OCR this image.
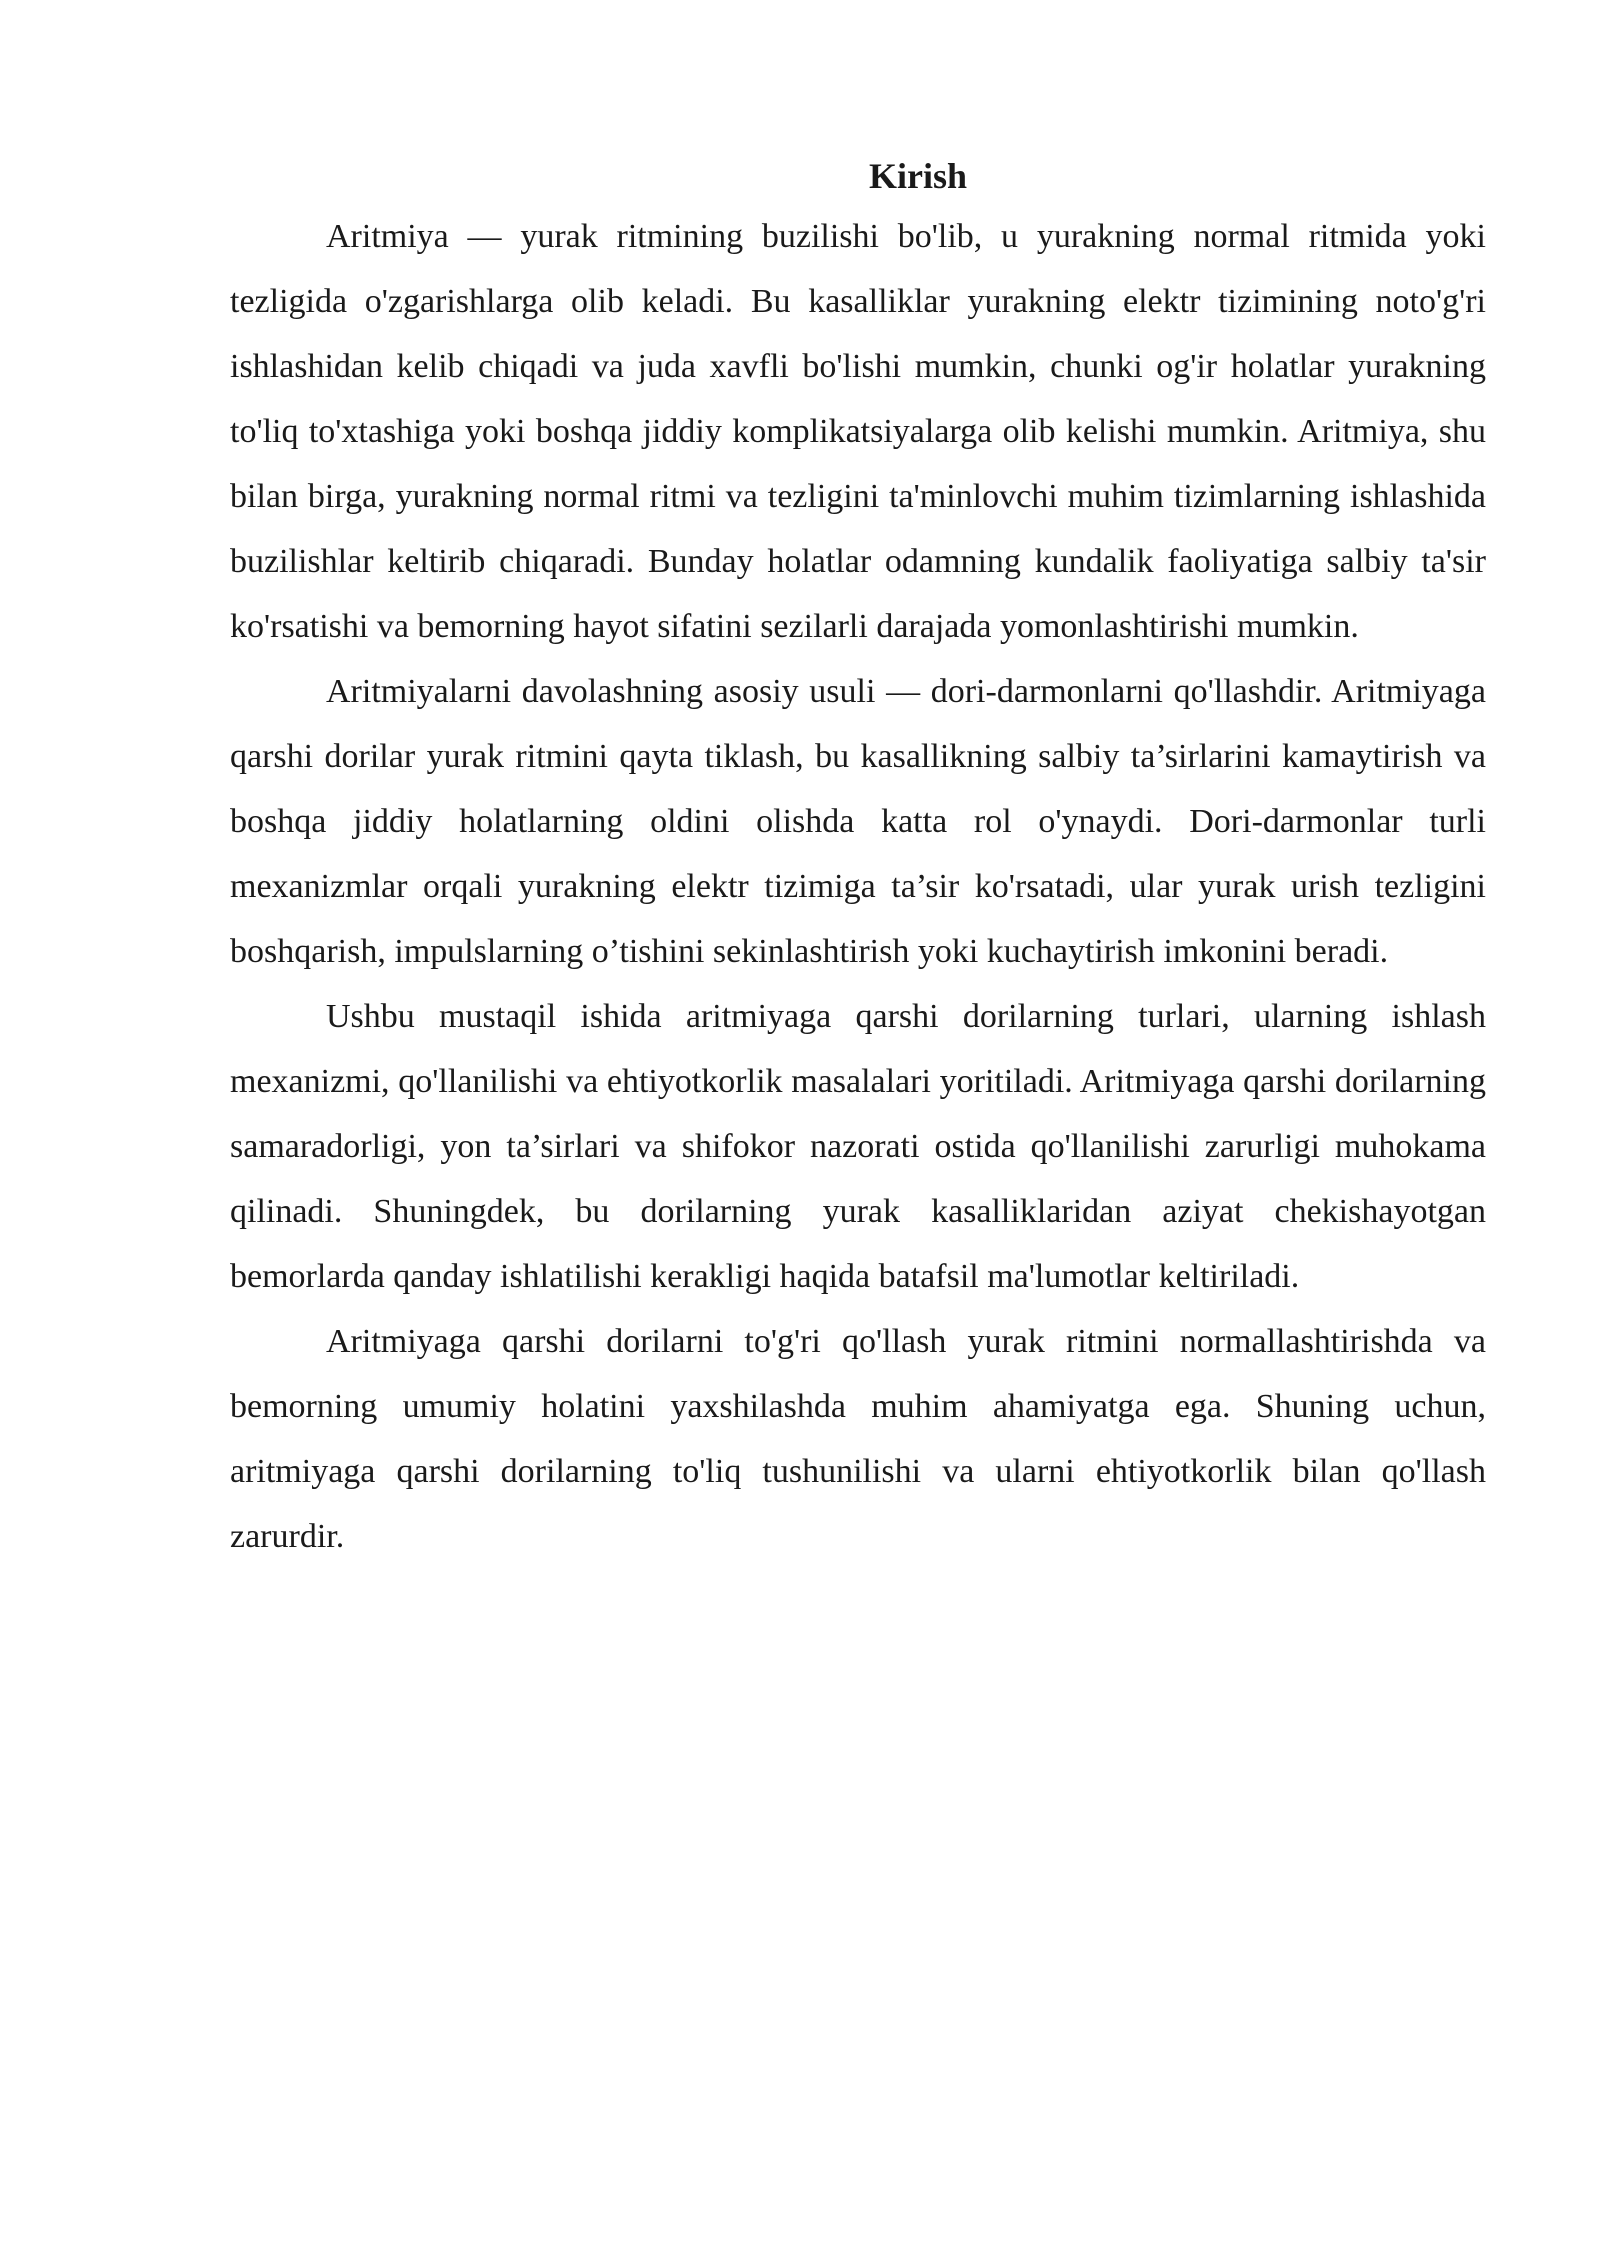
Kirish

Aritmiya — yurak ritmining buzilishi bo'lib, u yurakning normal ritmida yoki tezligida o'zgarishlarga olib keladi. Bu kasalliklar yurakning elektr tizimining noto'g'ri ishlashidan kelib chiqadi va juda xavfli bo'lishi mumkin, chunki og'ir holatlar yurakning to'liq to'xtashiga yoki boshqa jiddiy komplikatsiyalarga olib kelishi mumkin. Aritmiya, shu bilan birga, yurakning normal ritmi va tezligini ta'minlovchi muhim tizimlarning ishlashida buzilishlar keltirib chiqaradi. Bunday holatlar odamning kundalik faoliyatiga salbiy ta'sir ko'rsatishi va bemorning hayot sifatini sezilarli darajada yomonlashtirishi mumkin.

Aritmiyalarni davolashning asosiy usuli — dori-darmonlarni qo'llashdir. Aritmiyaga qarshi dorilar yurak ritmini qayta tiklash, bu kasallikning salbiy ta’sirlarini kamaytirish va boshqa jiddiy holatlarning oldini olishda katta rol o'ynaydi. Dori-darmonlar turli mexanizmlar orqali yurakning elektr tizimiga ta’sir ko'rsatadi, ular yurak urish tezligini boshqarish, impulslarning o’tishini sekinlashtirish yoki kuchaytirish imkonini beradi.

Ushbu mustaqil ishida aritmiyaga qarshi dorilarning turlari, ularning ishlash mexanizmi, qo'llanilishi va ehtiyotkorlik masalalari yoritiladi. Aritmiyaga qarshi dorilarning samaradorligi, yon ta’sirlari va shifokor nazorati ostida qo'llanilishi zarurligi muhokama qilinadi. Shuningdek, bu dorilarning yurak kasalliklaridan aziyat chekishayotgan bemorlarda qanday ishlatilishi kerakligi haqida batafsil ma'lumotlar keltiriladi.

Aritmiyaga qarshi dorilarni to'g'ri qo'llash yurak ritmini normallashtirishda va bemorning umumiy holatini yaxshilashda muhim ahamiyatga ega. Shuning uchun, aritmiyaga qarshi dorilarning to'liq tushunilishi va ularni ehtiyotkorlik bilan qo'llash zarurdir.
